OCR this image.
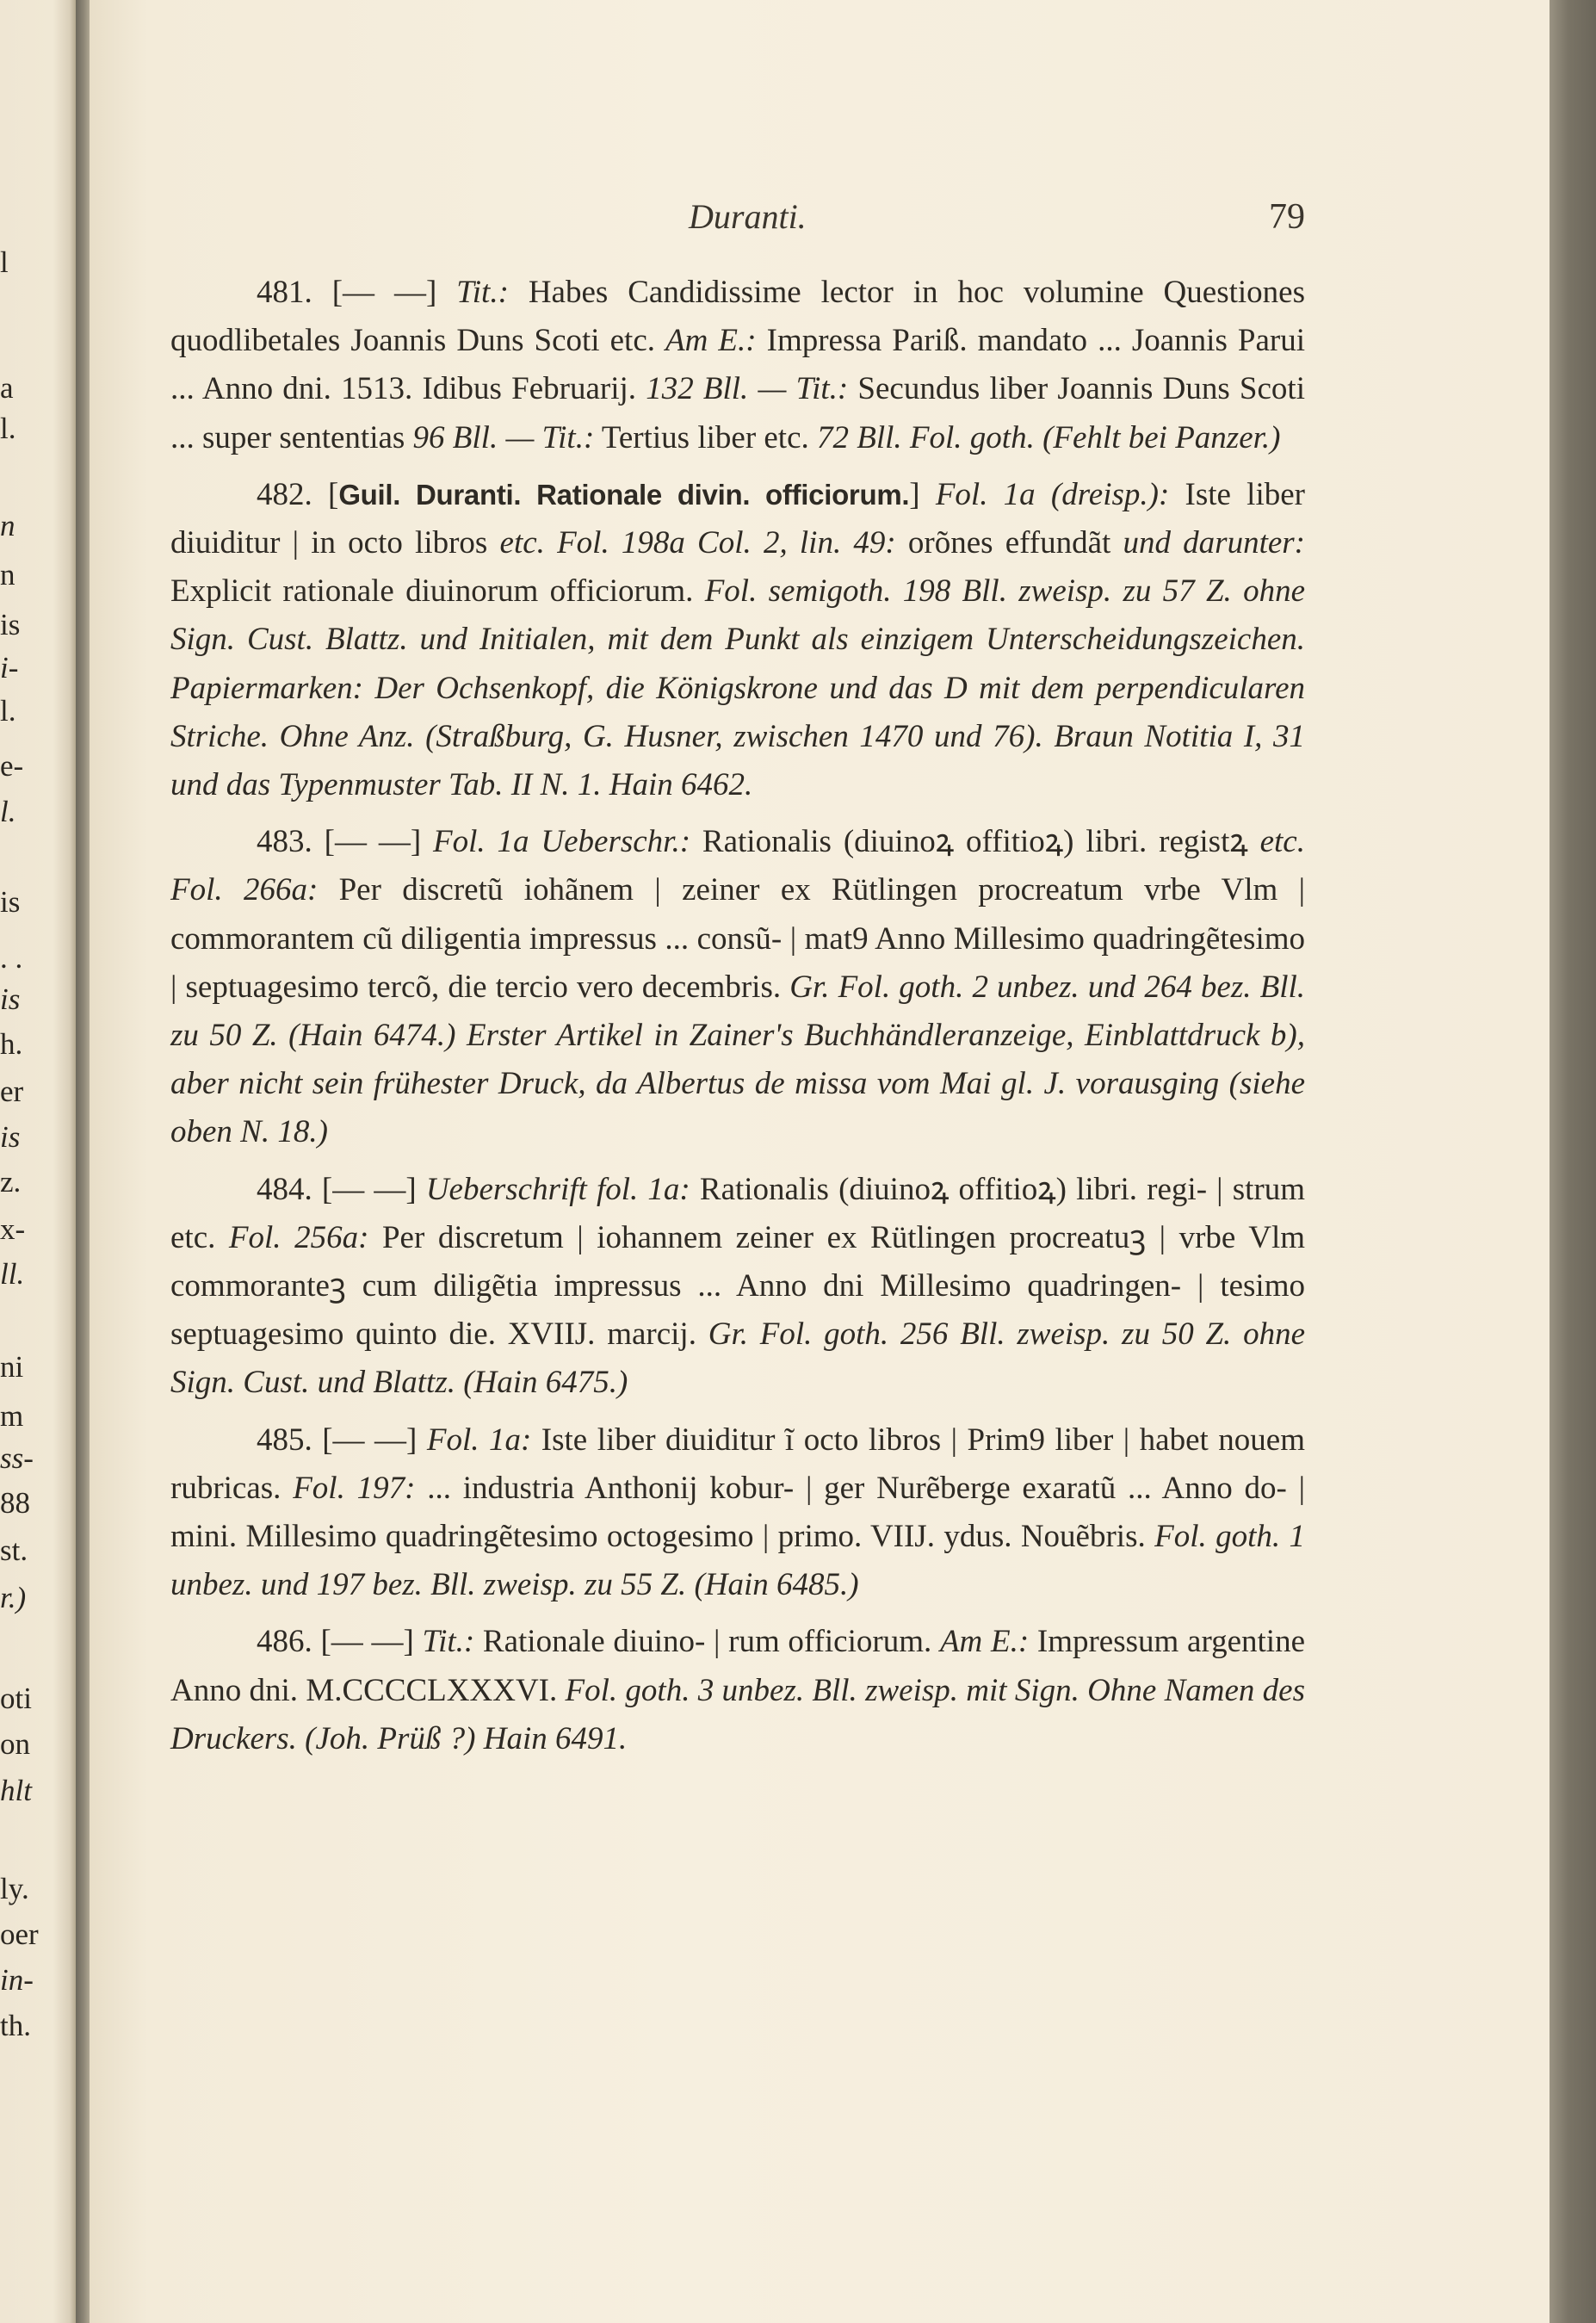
l
a
l.
n
n
is
i-
l.
e-
l.
is
. .
is
h.
er
is
z.
x-
ll.
ni
m
ss-
88
st.
r.)
oti
on
hlt
ly.
oer
in-
th.
Duranti.	79

481. [— —] Tit.: Habes Candidissime lector in hoc volumine Questiones quodlibetales Joannis Duns Scoti etc. Am E.: Impressa Pariß. mandato ... Joannis Parui ... Anno dni. 1513. Idibus Februarij. 132 Bll. — Tit.: Secundus liber Joannis Duns Scoti ... super sententias 96 Bll. — Tit.: Tertius liber etc. 72 Bll. Fol. goth. (Fehlt bei Panzer.)

482. [Guil. Duranti. Rationale divin. officiorum.] Fol. 1a (dreisp.): Iste liber diuiditur | in octo libros etc. Fol. 198a Col. 2, lin. 49: orõnes effundãt und darunter: Explicit rationale diuinorum officiorum. Fol. semigoth. 198 Bll. zweisp. zu 57 Z. ohne Sign. Cust. Blattz. und Initialen, mit dem Punkt als einzigem Unterscheidungszeichen. Papiermarken: Der Ochsenkopf, die Königskrone und das D mit dem perpendicularen Striche. Ohne Anz. (Straßburg, G. Husner, zwischen 1470 und 76). Braun Notitia I, 31 und das Typenmuster Tab. II N. 1. Hain 6462.

483. [— —] Fol. 1a Ueberschr.: Rationalis (diuinoꝝ offitioꝝ) libri. registꝝ etc. Fol. 266a: Per discretũ iohãnem | zeiner ex Rütlingen procreatum vrbe Vlm | commorantem cũ diligentia impressus ... consũ- | mat9 Anno Millesimo quadringẽtesimo | septuagesimo tercõ, die tercio vero decembris. Gr. Fol. goth. 2 unbez. und 264 bez. Bll. zu 50 Z. (Hain 6474.) Erster Artikel in Zainer's Buchhändleranzeige, Einblattdruck b), aber nicht sein frühester Druck, da Albertus de missa vom Mai gl. J. vorausging (siehe oben N. 18.)

484. [— —] Ueberschrift fol. 1a: Rationalis (diuinoꝝ offitioꝝ) libri. regi- | strum etc. Fol. 256a: Per discretum | iohannem zeiner ex Rütlingen procreatuꝫ | vrbe Vlm commoranteꝫ cum diligẽtia impressus ... Anno dni Millesimo quadringen- | tesimo septuagesimo quinto die. XVIIJ. marcij. Gr. Fol. goth. 256 Bll. zweisp. zu 50 Z. ohne Sign. Cust. und Blattz. (Hain 6475.)

485. [— —] Fol. 1a: Iste liber diuiditur ĩ octo libros | Prim9 liber | habet nouem rubricas. Fol. 197: ... industria Anthonij kobur- | ger Nurẽberge exaratũ ... Anno do- | mini. Millesimo quadringẽtesimo octogesimo | primo. VIIJ. ydus. Nouẽbris. Fol. goth. 1 unbez. und 197 bez. Bll. zweisp. zu 55 Z. (Hain 6485.)

486. [— —] Tit.: Rationale diuino- | rum officiorum. Am E.: Impressum argentine Anno dni. M.CCCCLXXXVI. Fol. goth. 3 unbez. Bll. zweisp. mit Sign. Ohne Namen des Druckers. (Joh. Prüß ?) Hain 6491.
